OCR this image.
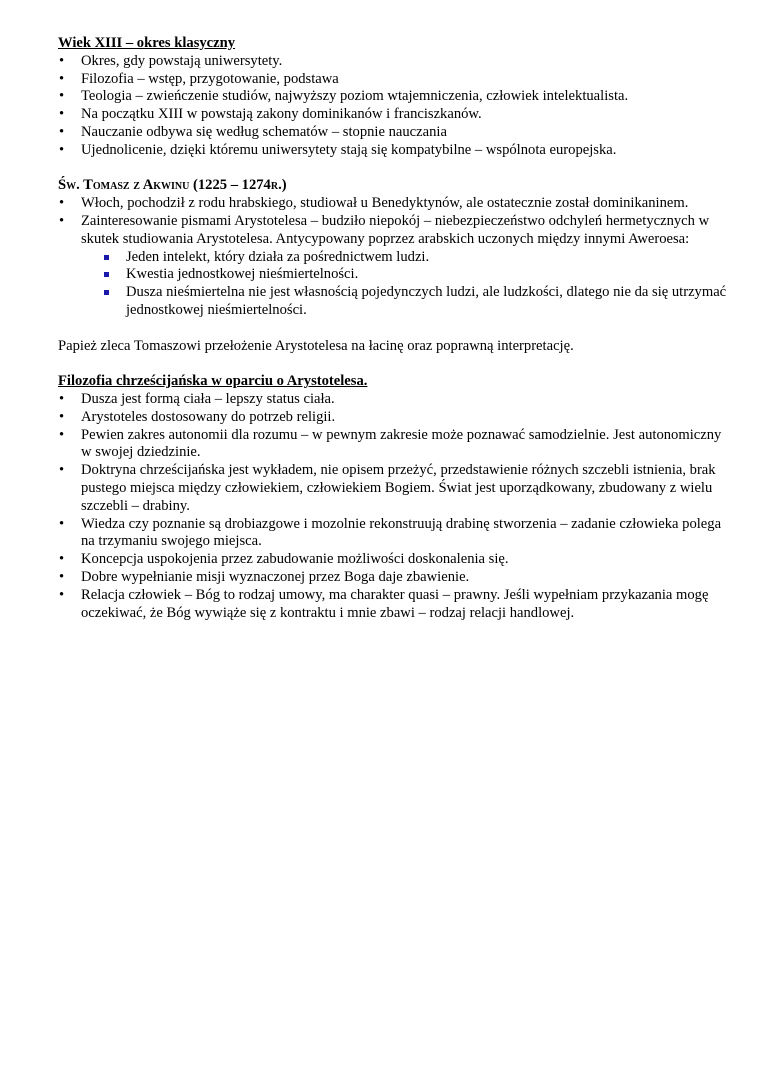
Wiek XIII – okres klasyczny

• Okres, gdy powstają uniwersytety.
• Filozofia – wstęp, przygotowanie, podstawa
• Teologia – zwieńczenie studiów, najwyższy poziom wtajemniczenia, człowiek intelektualista.
• Na początku XIII w powstają zakony dominikanów i franciszkanów.
• Nauczanie odbywa się według schematów – stopnie nauczania
• Ujednolicenie, dzięki któremu uniwersytety stają się kompatybilne – wspólnota europejska.

Św. Tomasz z Akwinu (1225 – 1274r.)

• Włoch, pochodził z rodu hrabskiego, studiował u Benedyktynów, ale ostatecznie został dominikaninem.
• Zainteresowanie pismami Arystotelesa – budziło niepokój – niebezpieczeństwo odchyleń hermetycznych w skutek studiowania Arystotelesa. Antycypowany poprzez arabskich uczonych między innymi Aweroesa:
Jeden intelekt, który działa za pośrednictwem ludzi.
Kwestia jednostkowej nieśmiertelności.
Dusza nieśmiertelna nie jest własnością pojedynczych ludzi, ale ludzkości, dlatego nie da się utrzymać jednostkowej nieśmiertelności.

Papież zleca Tomaszowi przełożenie Arystotelesa na łacinę oraz poprawną interpretację.

Filozofia chrześcijańska w oparciu o Arystotelesa.

• Dusza jest formą ciała – lepszy status ciała.
• Arystoteles dostosowany do potrzeb religii.
• Pewien zakres autonomii dla rozumu – w pewnym zakresie może poznawać samodzielnie. Jest autonomiczny w swojej dziedzinie.
• Doktryna chrześcijańska jest wykładem, nie opisem przeżyć, przedstawienie różnych szczebli istnienia, brak pustego miejsca między człowiekiem, człowiekiem Bogiem. Świat jest uporządkowany, zbudowany z wielu szczebli – drabiny.
• Wiedza czy poznanie są drobiazgowe i mozolnie rekonstruują drabinę stworzenia – zadanie człowieka polega na trzymaniu swojego miejsca.
• Koncepcja uspokojenia przez zabudowanie możliwości doskonalenia się.
• Dobre wypełnianie misji wyznaczonej przez Boga daje zbawienie.
• Relacja człowiek – Bóg to rodzaj umowy, ma charakter quasi – prawny. Jeśli wypełniam przykazania mogę oczekiwać, że Bóg wywiąże się z kontraktu i mnie zbawi – rodzaj relacji handlowej.
